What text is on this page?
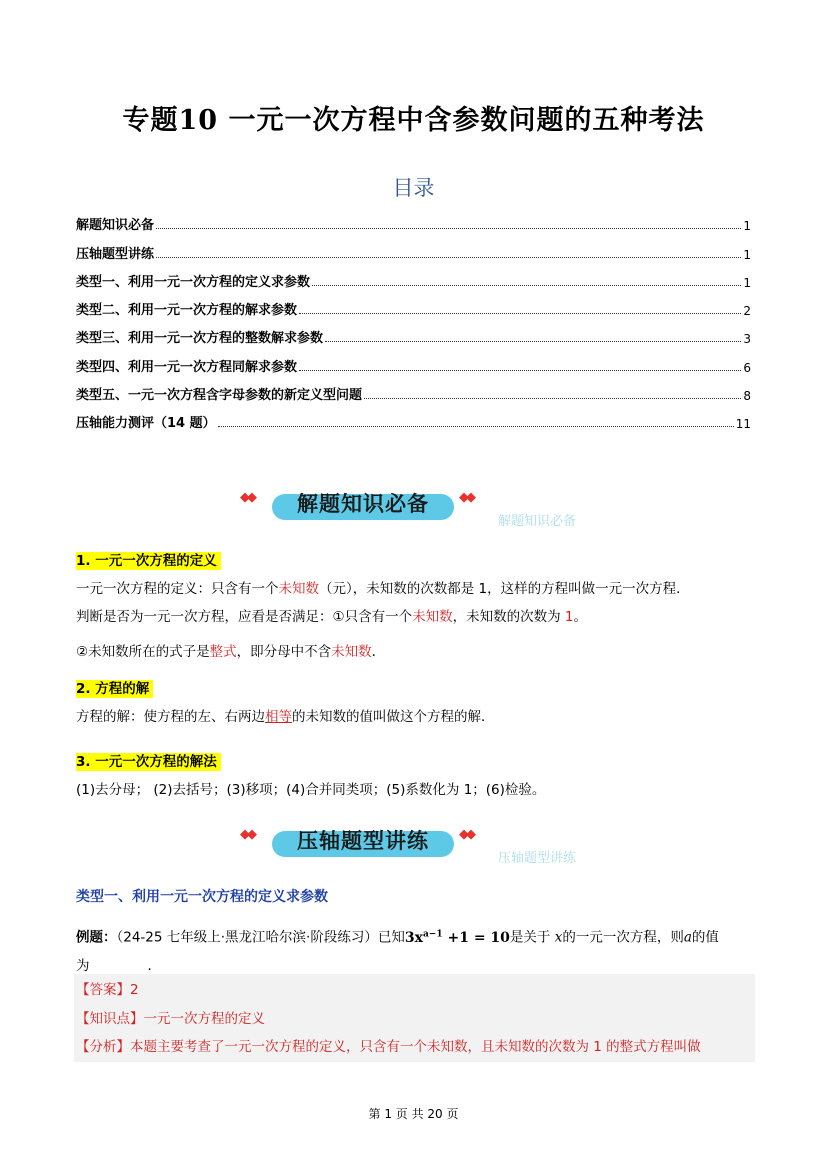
专题10 一元一次方程中含参数问题的五种考法
目录
解题知识必备	1
压轴题型讲练	1
类型一、利用一元一次方程的定义求参数	1
类型二、利用一元一次方程的解求参数	2
类型三、利用一元一次方程的整数解求参数	3
类型四、利用一元一次方程同解求参数	6
类型五、一元一次方程含字母参数的新定义型问题	8
压轴能力测评（14 题）	11
◆◆	解题知识必备	◆◆
解题知识必备
1. 一元一次方程的定义
一元一次方程的定义：只含有一个未知数（元），未知数的次数都是 1，这样的方程叫做一元一次方程．
判断是否为一元一次方程，应看是否满足：①只含有一个未知数，未知数的次数为 1。
②未知数所在的式子是整式，即分母中不含未知数．
2. 方程的解
方程的解：使方程的左、右两边相等的未知数的值叫做这个方程的解．
3. 一元一次方程的解法
(1)去分母； (2)去括号；(3)移项；(4)合并同类项；(5)系数化为 1；(6)检验。
◆◆	压轴题型讲练	◆◆
压轴题型讲练
类型一、利用一元一次方程的定义求参数
例题：（24-25 七年级上·黑龙江哈尔滨·阶段练习）已知$3x^{a-1} +1 = 10$是关于 x的一元一次方程，则a的值
为	．
【答案】2
【知识点】一元一次方程的定义
【分析】本题主要考查了一元一次方程的定义，只含有一个未知数，且未知数的次数为 1 的整式方程叫做
第 1 页 共 20 页
